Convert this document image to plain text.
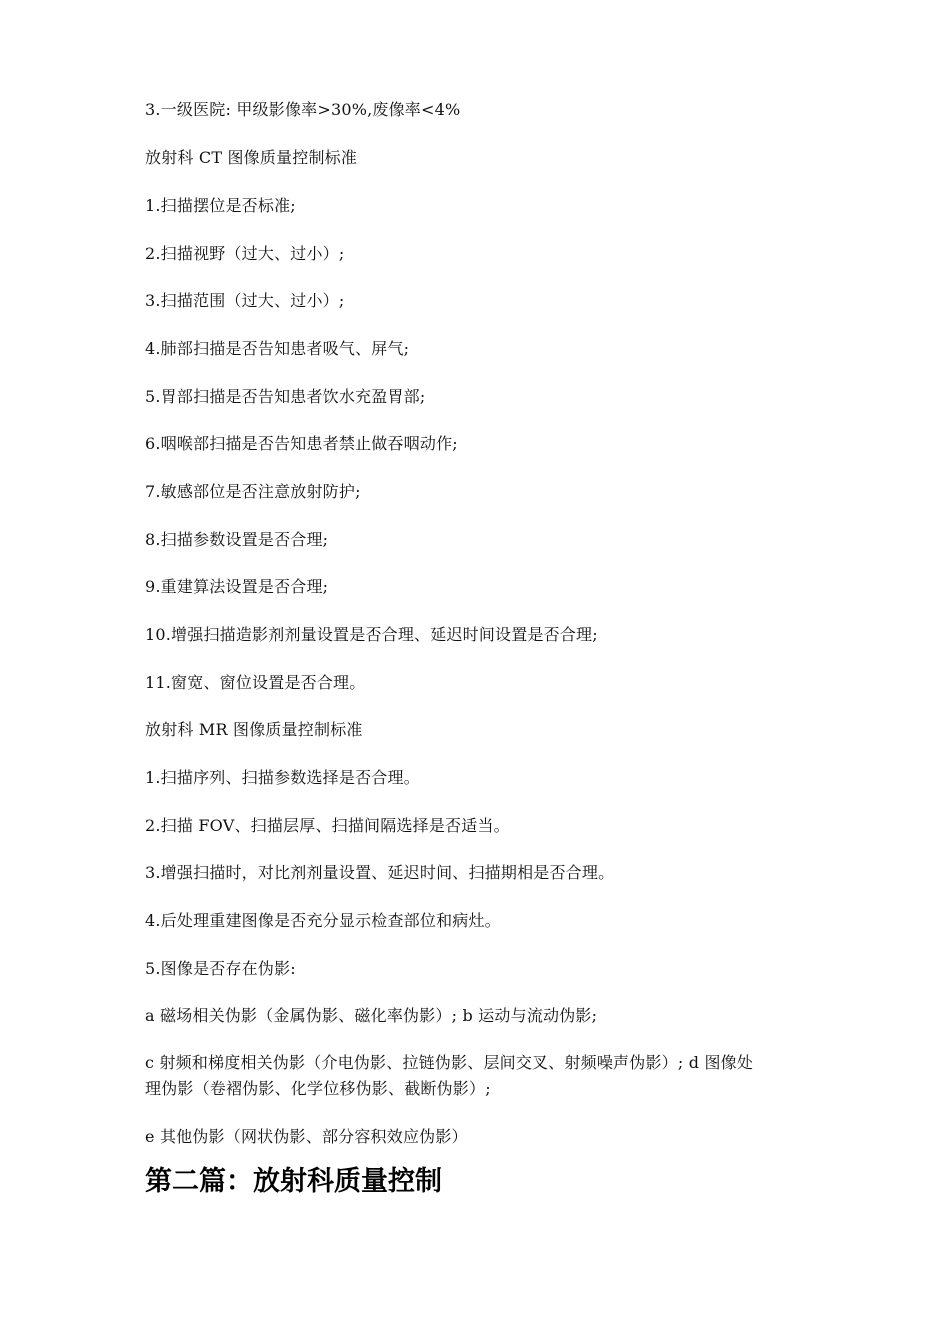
3.一级医院: 甲级影像率>30%,废像率<4%
放射科 CT 图像质量控制标准
1.扫描摆位是否标准;
2.扫描视野（过大、过小）;
3.扫描范围（过大、过小）;
4.肺部扫描是否告知患者吸气、屏气;
5.胃部扫描是否告知患者饮水充盈胃部;
6.咽喉部扫描是否告知患者禁止做吞咽动作;
7.敏感部位是否注意放射防护;
8.扫描参数设置是否合理;
9.重建算法设置是否合理;
10.增强扫描造影剂剂量设置是否合理、延迟时间设置是否合理;
11.窗宽、窗位设置是否合理。
放射科 MR 图像质量控制标准
1.扫描序列、扫描参数选择是否合理。
2.扫描 FOV、扫描层厚、扫描间隔选择是否适当。
3.增强扫描时，对比剂剂量设置、延迟时间、扫描期相是否合理。
4.后处理重建图像是否充分显示检查部位和病灶。
5.图像是否存在伪影:
a 磁场相关伪影（金属伪影、磁化率伪影）; b 运动与流动伪影;
c 射频和梯度相关伪影（介电伪影、拉链伪影、层间交叉、射频噪声伪影）; d 图像处理伪影（卷褶伪影、化学位移伪影、截断伪影）;
e 其他伪影（网状伪影、部分容积效应伪影）
第二篇：放射科质量控制
